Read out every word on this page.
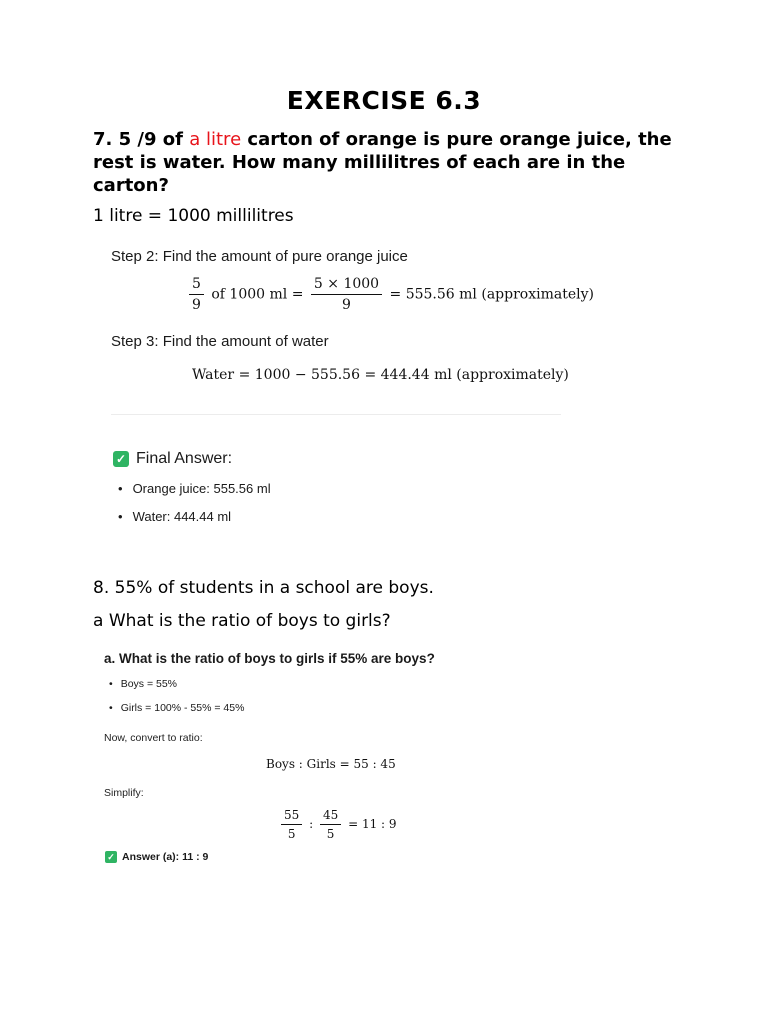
EXERCISE 6.3
7. 5 /9 of a litre carton of orange is pure orange juice, the rest is water. How many millilitres of each are in the carton?
1 litre = 1000 millilitres
Step 2: Find the amount of pure orange juice
$\frac{5}{9}$ of 1000 ml = $\frac{5 \times 1000}{9} = 555.56$ ml (approximately)
Step 3: Find the amount of water
Water = 1000 − 555.56 = 444.44 ml (approximately)
✓ Final Answer:
• Orange juice: 555.56 ml
• Water: 444.44 ml
8. 55% of students in a school are boys.
a What is the ratio of boys to girls?
a. What is the ratio of boys to girls if 55% are boys?
• Boys = 55%
• Girls = 100% - 55% = 45%
Now, convert to ratio:
Boys : Girls = 55 : 45
Simplify:
$\frac{55}{5}$ : $\frac{45}{5} = 11$ : 9
✓ Answer (a): 11 : 9
